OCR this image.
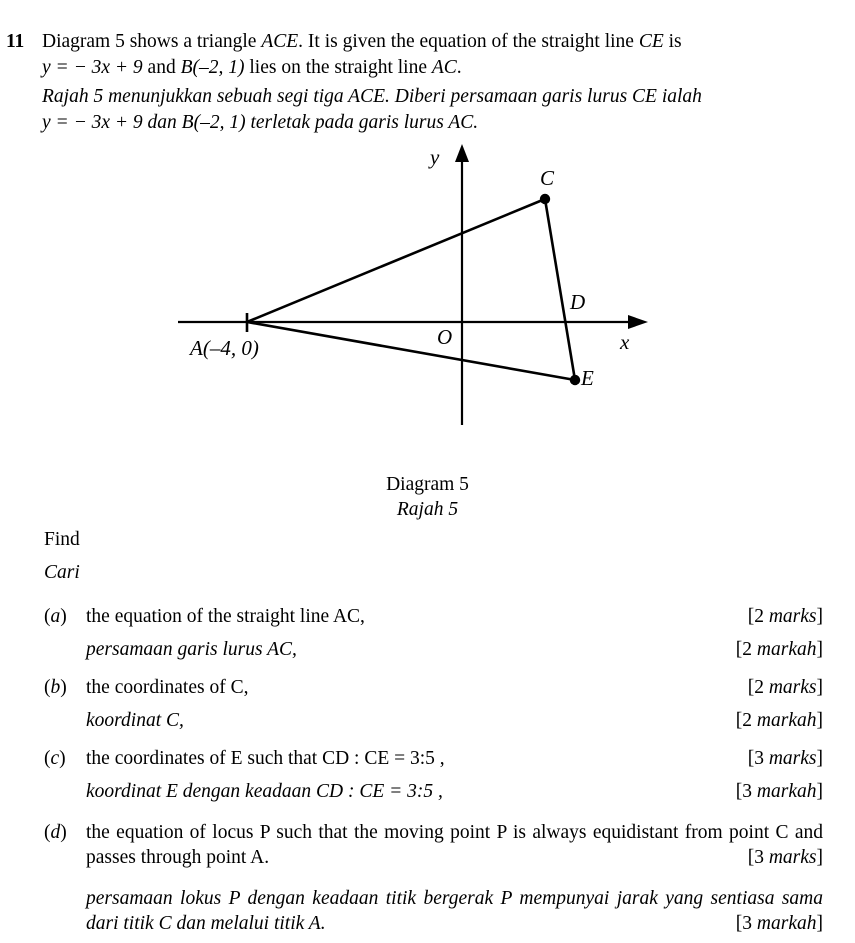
11 Diagram 5 shows a triangle ACE. It is given the equation of the straight line CE is
y = − 3x + 9 and B(–2, 1) lies on the straight line AC.
Rajah 5 menunjukkan sebuah segi tiga ACE. Diberi persamaan garis lurus CE ialah
y = − 3x + 9 dan B(–2, 1) terletak pada garis lurus AC.
y
x
O
C
D
E
A(–4, 0)
Diagram 5
Rajah 5
Find
Cari
(a) the equation of the straight line AC,	[2 marks]
persamaan garis lurus AC,	[2 markah]
(b) the coordinates of C,	[2 marks]
koordinat C,	[2 markah]
(c)	the coordinates of E such that CD : CE = 3:5 ,	[3 marks]
koordinat E dengan keadaan CD : CE = 3:5 ,	[3 markah]
(d) the equation of locus P such that the moving point P is always equidistant from point C and passes through point A.	[3 marks]
persamaan lokus P dengan keadaan titik bergerak P mempunyai jarak yang sentiasa sama dari titik C dan melalui titik A.	[3 markah]
